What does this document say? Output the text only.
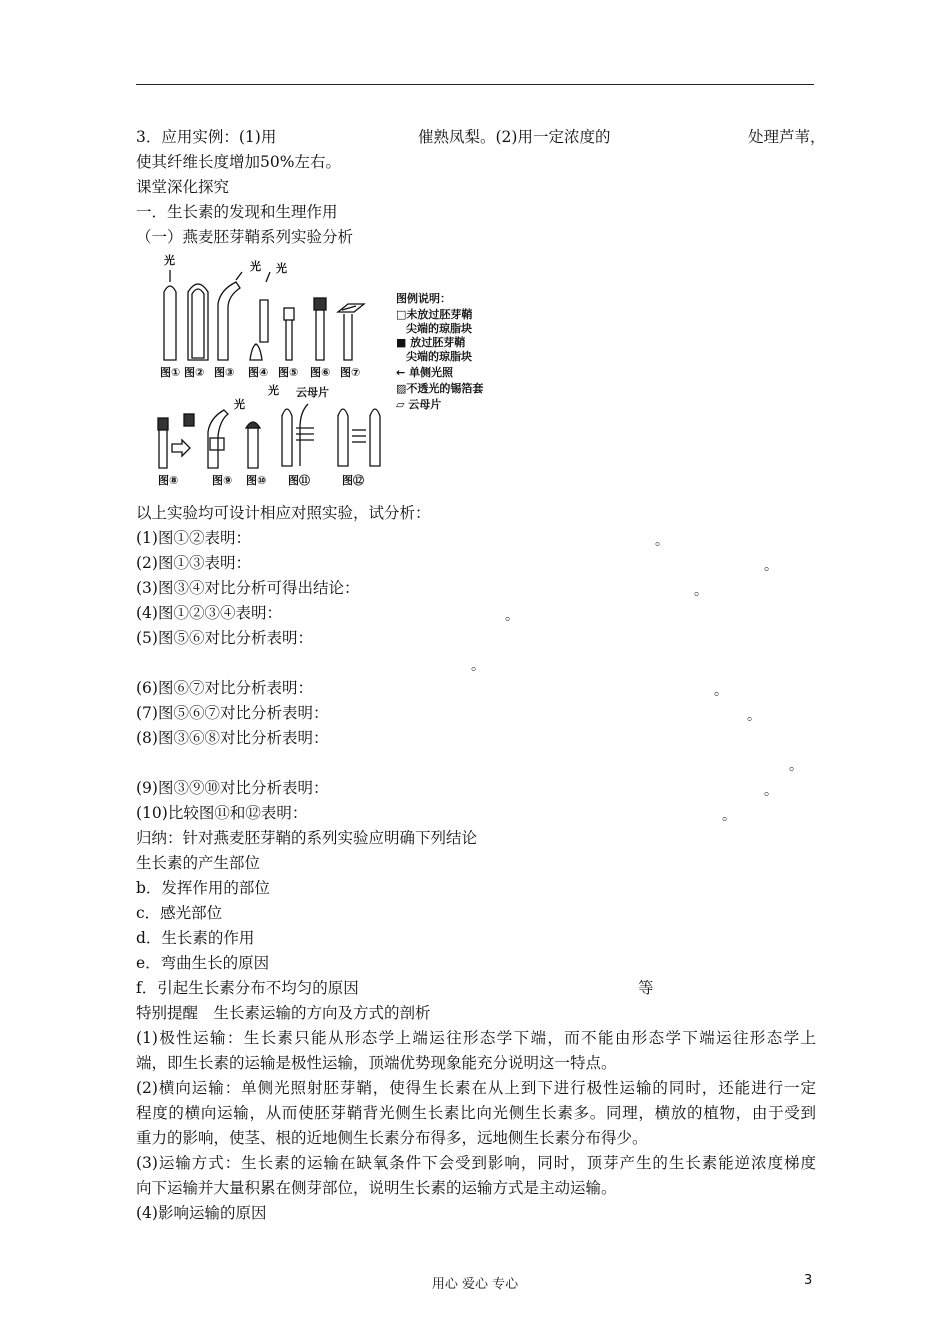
3．应用实例：(1)用	催熟凤梨。(2)用一定浓度的	处理芦苇，
使其纤维长度增加50%左右。
课堂深化探究
一．生长素的发现和生理作用
（一）燕麦胚芽鞘系列实验分析
光	光 光
光
光
云母片
图① 图② 图③ 图④ 图⑤ 图⑥ 图⑦
图⑧	图⑨ 图⑩ 图⑪	图⑫
图例说明：
□未放过胚芽鞘
尖端的琼脂块
■ 放过胚芽鞘
尖端的琼脂块
← 单侧光照
▨不透光的锡箔套
▱ 云母片
以上实验均可设计相应对照实验，试分析：
(1)图①②表明：	。
(2)图①③表明：	。
(3)图③④对比分析可得出结论：	。
(4)图①②③④表明：	。
(5)图⑤⑥对比分析表明：
。
(6)图⑥⑦对比分析表明：	。
(7)图⑤⑥⑦对比分析表明：	。
(8)图③⑥⑧对比分析表明：
。
(9)图③⑨⑩对比分析表明：	。
(10)比较图⑪和⑫表明：	。
归纳：针对燕麦胚芽鞘的系列实验应明确下列结论
生长素的产生部位
b．发挥作用的部位
c．感光部位
d．生长素的作用
e．弯曲生长的原因
f．引起生长素分布不均匀的原因	等
特别提醒　生长素运输的方向及方式的剖析
(1)极性运输：生长素只能从形态学上端运往形态学下端，而不能由形态学下端运往形态学上
端，即生长素的运输是极性运输，顶端优势现象能充分说明这一特点。
(2)横向运输：单侧光照射胚芽鞘，使得生长素在从上到下进行极性运输的同时，还能进行一定
程度的横向运输，从而使胚芽鞘背光侧生长素比向光侧生长素多。同理，横放的植物，由于受到
重力的影响，使茎、根的近地侧生长素分布得多，远地侧生长素分布得少。
(3)运输方式：生长素的运输在缺氧条件下会受到影响，同时，顶芽产生的生长素能逆浓度梯度
向下运输并大量积累在侧芽部位，说明生长素的运输方式是主动运输。
(4)影响运输的原因
用心 爱心 专心	3
